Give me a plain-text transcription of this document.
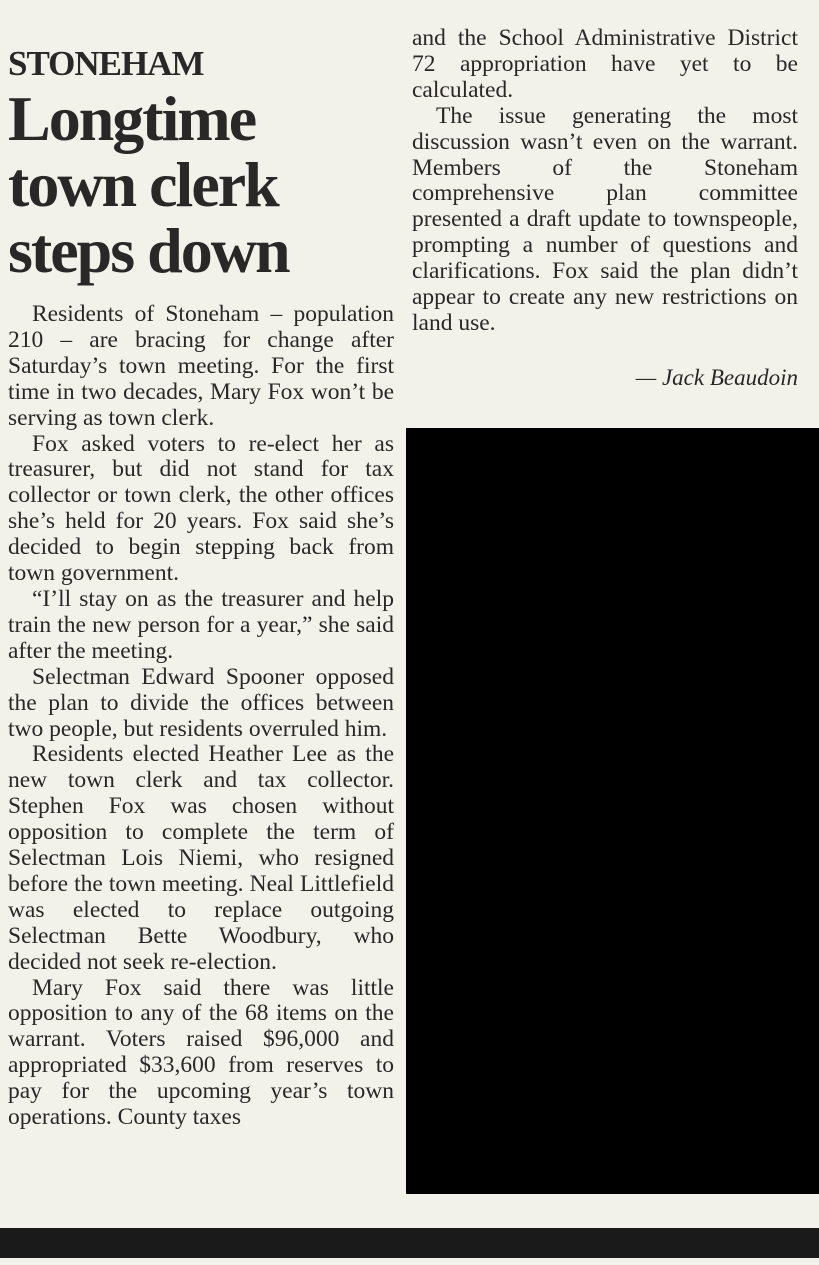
STONEHAM
Longtime
town clerk
steps down

Residents of Stoneham – population 210 – are bracing for change after Saturday’s town meeting. For the first time in two decades, Mary Fox won’t be serving as town clerk.

Fox asked voters to re-elect her as treasurer, but did not stand for tax collector or town clerk, the other offices she’s held for 20 years. Fox said she’s decided to begin stepping back from town government.

“I’ll stay on as the treasurer and help train the new person for a year,” she said after the meeting.

Selectman Edward Spooner opposed the plan to divide the offices between two people, but residents overruled him.

Residents elected Heather Lee as the new town clerk and tax collector. Stephen Fox was chosen without opposition to complete the term of Selectman Lois Niemi, who resigned before the town meeting. Neal Littlefield was elected to replace outgoing Selectman Bette Woodbury, who decided not seek re-election.

Mary Fox said there was little opposition to any of the 68 items on the warrant. Voters raised $96,000 and appropriated $33,600 from reserves to pay for the upcoming year’s town operations. County taxes

and the School Administrative District 72 appropriation have yet to be calculated.

The issue generating the most discussion wasn’t even on the warrant. Members of the Stoneham comprehensive plan committee presented a draft update to townspeople, prompting a number of questions and clarifications. Fox said the plan didn’t appear to create any new restrictions on land use.

— Jack Beaudoin
